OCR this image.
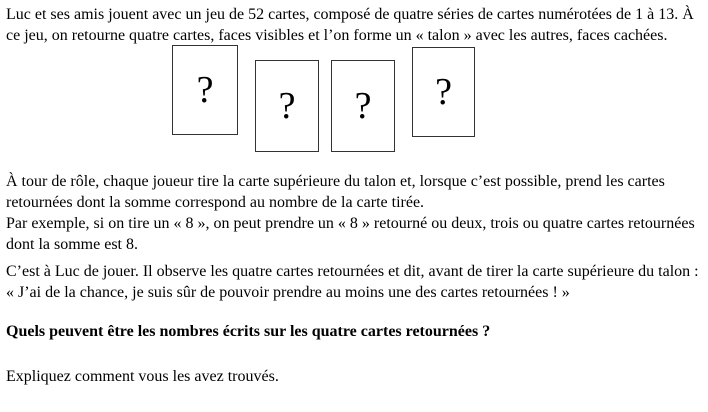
Luc et ses amis jouent avec un jeu de 52 cartes, composé de quatre séries de cartes numérotées de 1 à 13. À ce jeu, on retourne quatre cartes, faces visibles et l’on forme un « talon » avec les autres, faces cachées.

? ? ? ?

À tour de rôle, chaque joueur tire la carte supérieure du talon et, lorsque c’est possible, prend les cartes retournées dont la somme correspond au nombre de la carte tirée.

Par exemple, si on tire un « 8 », on peut prendre un « 8 » retourné ou deux, trois ou quatre cartes retournées dont la somme est 8.

C’est à Luc de jouer. Il observe les quatre cartes retournées et dit, avant de tirer la carte supérieure du talon : « J’ai de la chance, je suis sûr de pouvoir prendre au moins une des cartes retournées ! »

Quels peuvent être les nombres écrits sur les quatre cartes retournées ?

Expliquez comment vous les avez trouvés.
